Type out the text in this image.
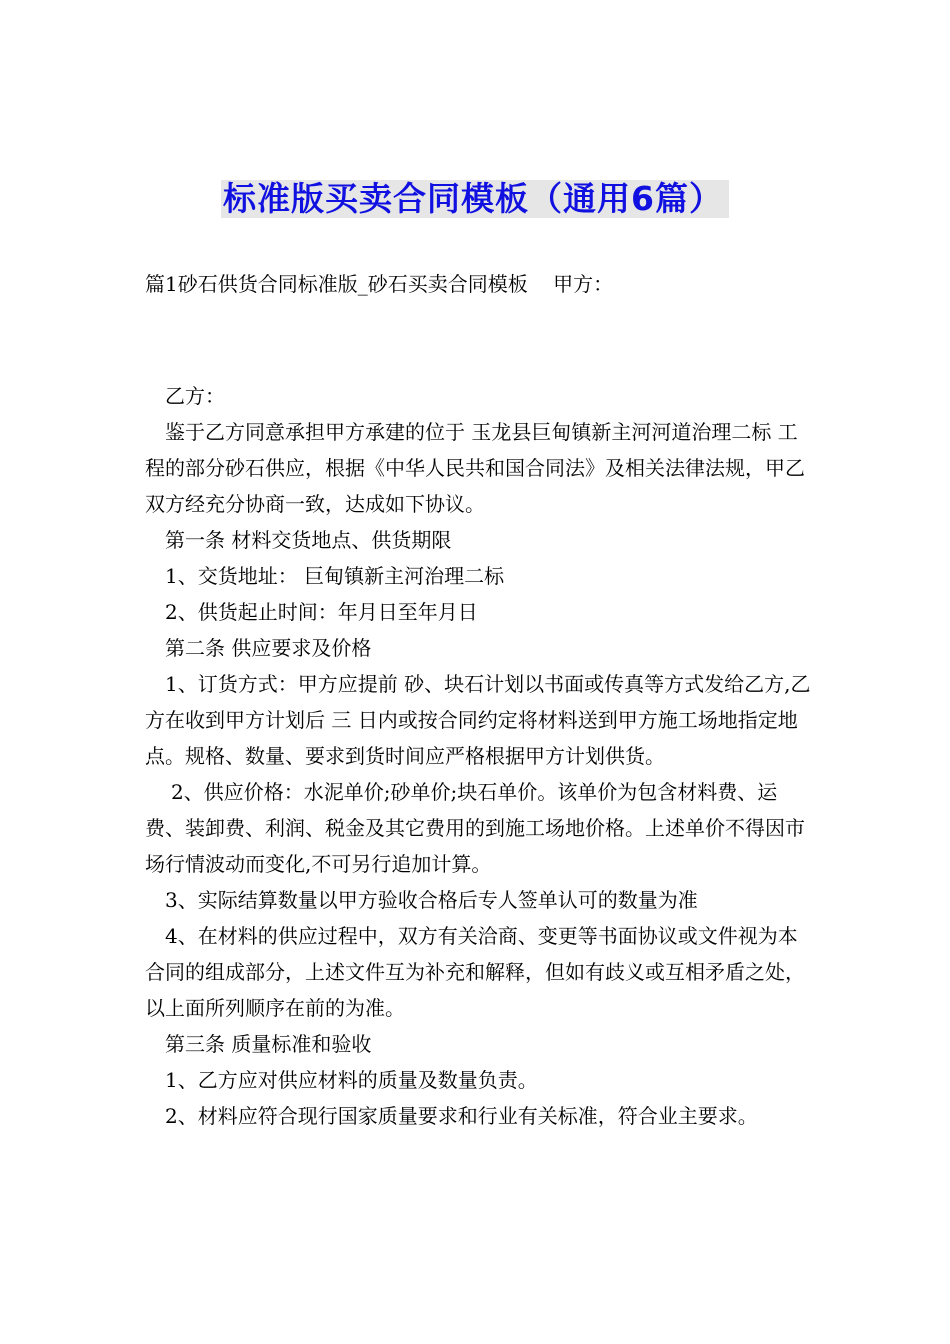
标准版买卖合同模板（通用6篇）
篇1砂石供货合同标准版_砂石买卖合同模板    甲方：

乙方：

鉴于乙方同意承担甲方承建的位于 玉龙县巨甸镇新主河河道治理二标 工程的部分砂石供应，根据《中华人民共和国合同法》及相关法律法规，甲乙双方经充分协商一致，达成如下协议。

第一条 材料交货地点、供货期限

1、交货地址： 巨甸镇新主河治理二标

2、供货起止时间：年月日至年月日

第二条 供应要求及价格

1、订货方式：甲方应提前 砂、块石计划以书面或传真等方式发给乙方,乙方在收到甲方计划后 三 日内或按合同约定将材料送到甲方施工场地指定地点。规格、数量、要求到货时间应严格根据甲方计划供货。

2、供应价格：水泥单价;砂单价;块石单价。该单价为包含材料费、运费、装卸费、利润、税金及其它费用的到施工场地价格。上述单价不得因市场行情波动而变化,不可另行追加计算。

3、实际结算数量以甲方验收合格后专人签单认可的数量为准

4、在材料的供应过程中，双方有关洽商、变更等书面协议或文件视为本合同的组成部分，上述文件互为补充和解释，但如有歧义或互相矛盾之处，以上面所列顺序在前的为准。

第三条 质量标准和验收

1、乙方应对供应材料的质量及数量负责。

2、材料应符合现行国家质量要求和行业有关标准，符合业主要求。
